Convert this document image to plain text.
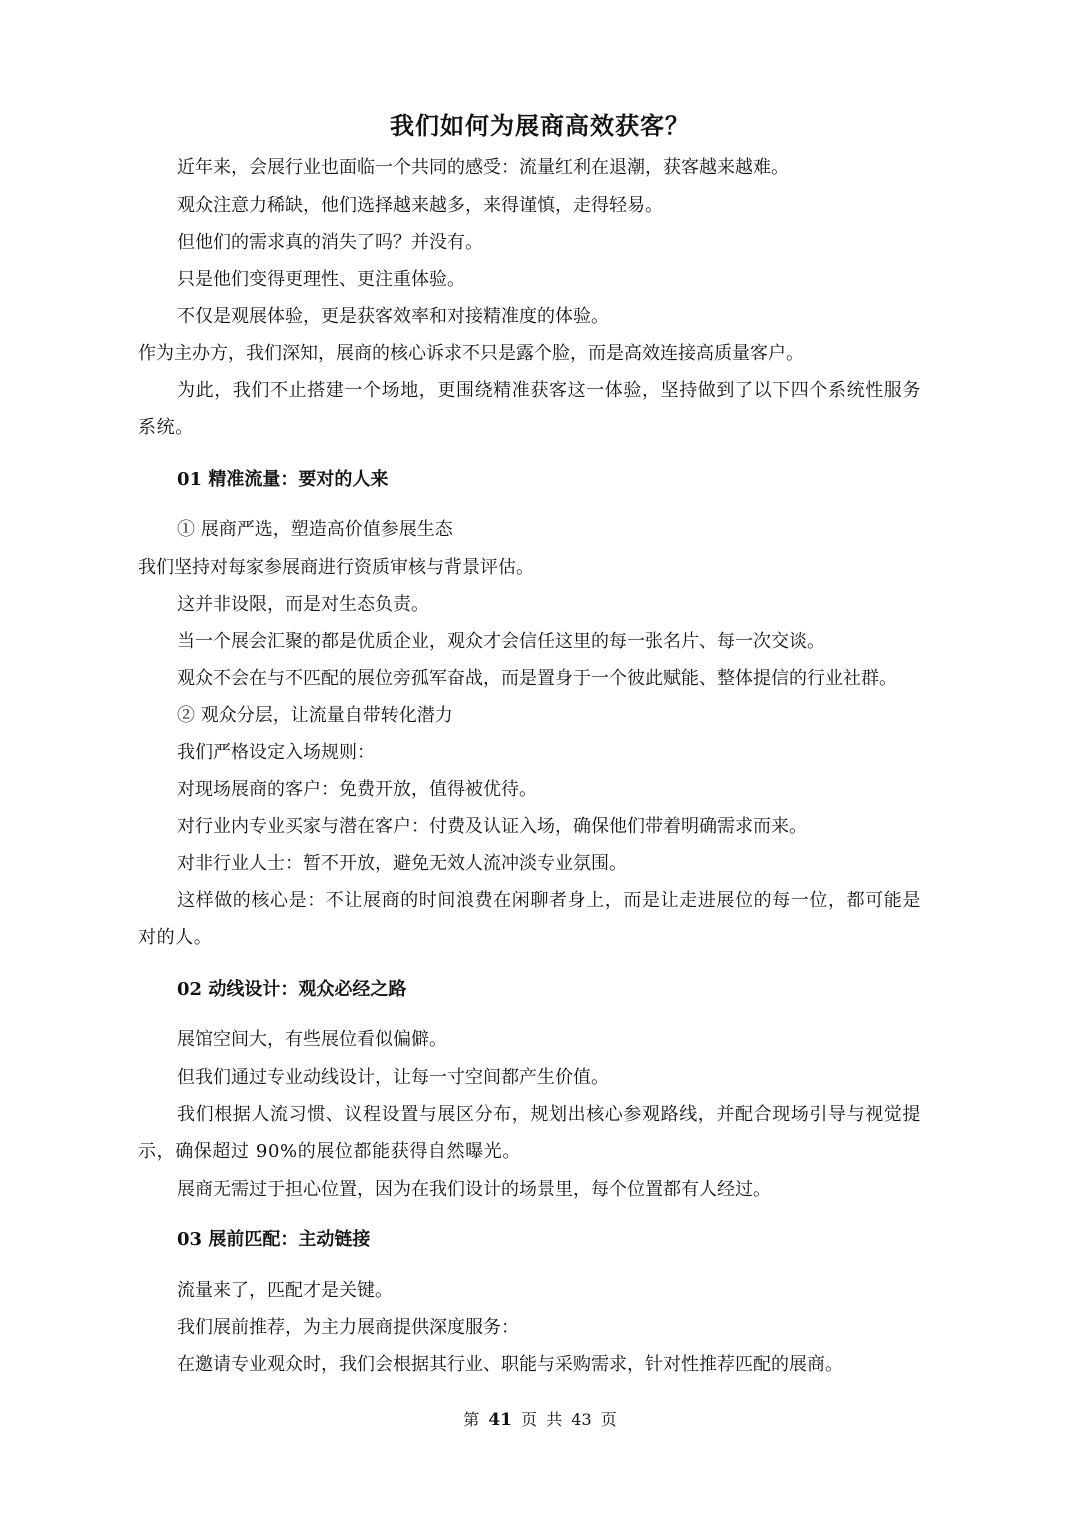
我们如何为展商高效获客？
近年来，会展行业也面临一个共同的感受：流量红利在退潮，获客越来越难。
观众注意力稀缺，他们选择越来越多，来得谨慎，走得轻易。
但他们的需求真的消失了吗？并没有。
只是他们变得更理性、更注重体验。
不仅是观展体验，更是获客效率和对接精准度的体验。
作为主办方，我们深知，展商的核心诉求不只是露个脸，而是高效连接高质量客户。
为此，我们不止搭建一个场地，更围绕精准获客这一体验，坚持做到了以下四个系统性服务系统。
01 精准流量：要对的人来
① 展商严选，塑造高价值参展生态
我们坚持对每家参展商进行资质审核与背景评估。
这并非设限，而是对生态负责。
当一个展会汇聚的都是优质企业，观众才会信任这里的每一张名片、每一次交谈。
观众不会在与不匹配的展位旁孤军奋战，而是置身于一个彼此赋能、整体提信的行业社群。
② 观众分层，让流量自带转化潜力
我们严格设定入场规则：
对现场展商的客户：免费开放，值得被优待。
对行业内专业买家与潜在客户：付费及认证入场，确保他们带着明确需求而来。
对非行业人士：暂不开放，避免无效人流冲淡专业氛围。
这样做的核心是：不让展商的时间浪费在闲聊者身上，而是让走进展位的每一位，都可能是对的人。
02 动线设计：观众必经之路
展馆空间大，有些展位看似偏僻。
但我们通过专业动线设计，让每一寸空间都产生价值。
我们根据人流习惯、议程设置与展区分布，规划出核心参观路线，并配合现场引导与视觉提示，确保超过 90%的展位都能获得自然曝光。
展商无需过于担心位置，因为在我们设计的场景里，每个位置都有人经过。
03 展前匹配：主动链接
流量来了，匹配才是关键。
我们展前推荐，为主力展商提供深度服务：
在邀请专业观众时，我们会根据其行业、职能与采购需求，针对性推荐匹配的展商。
第 41 页 共 43 页
